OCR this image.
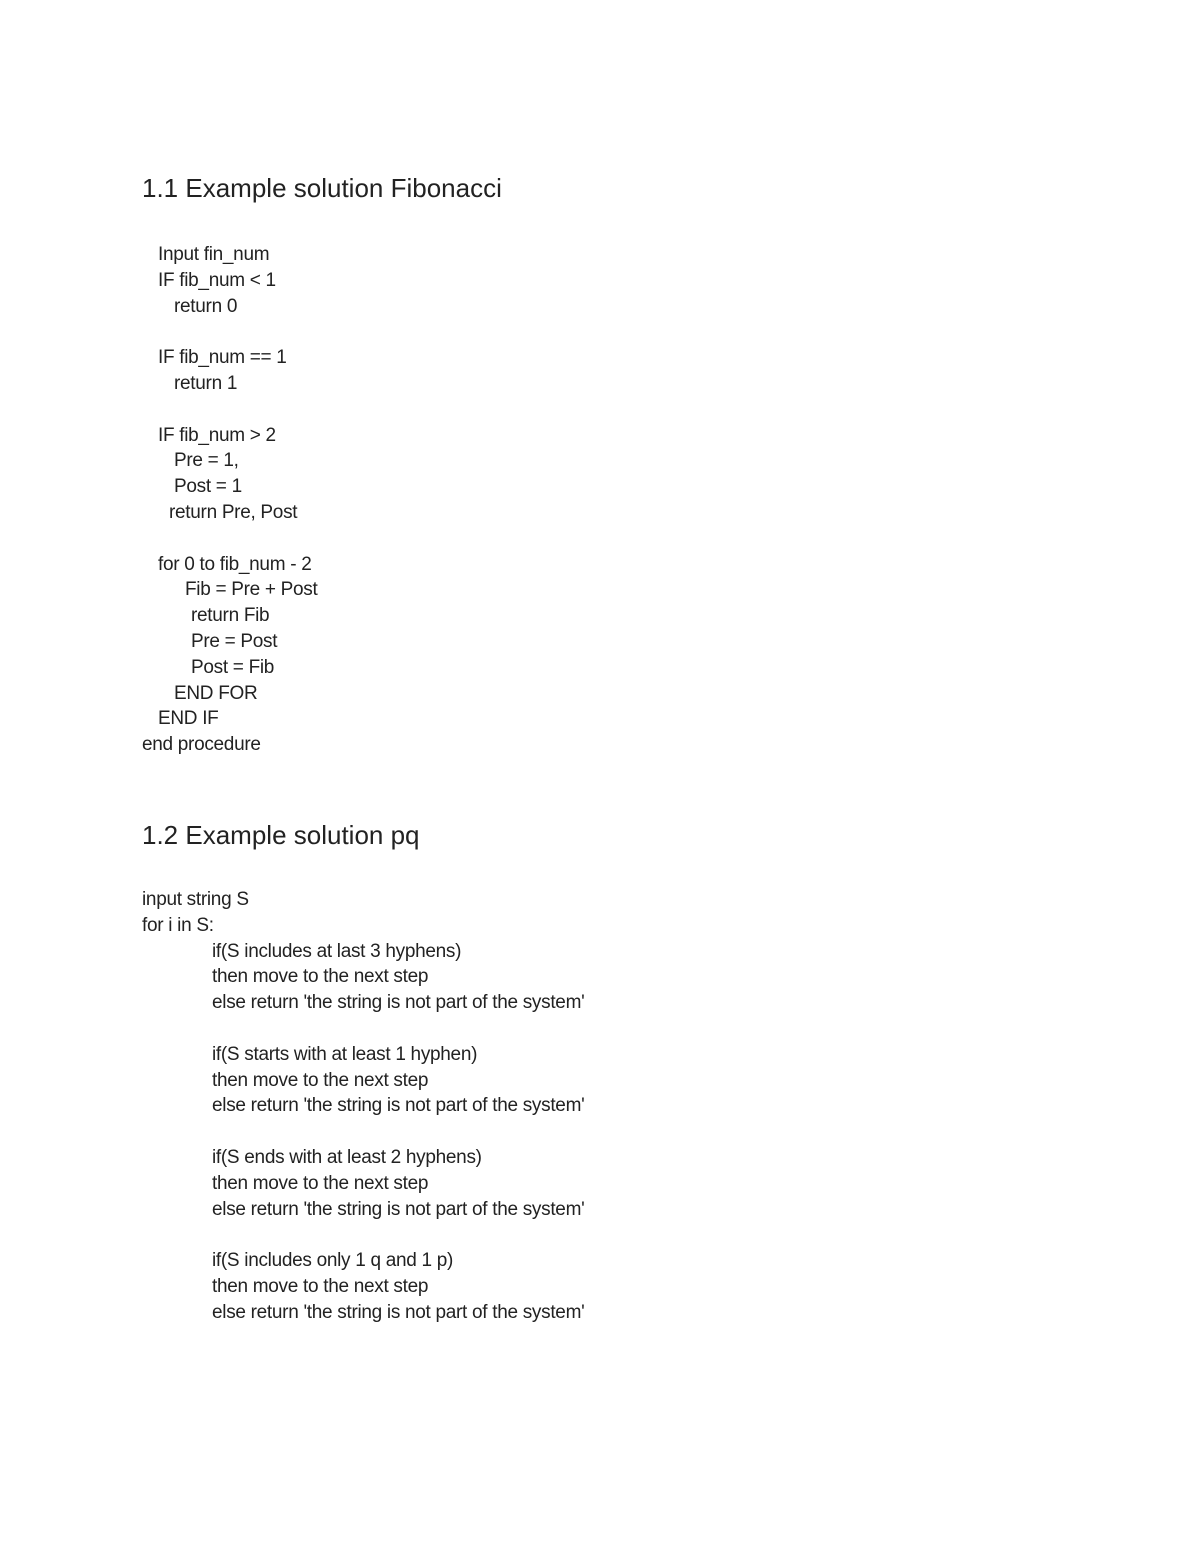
1.1 Example solution Fibonacci
Input fin_num
IF fib_num < 1
return 0
IF fib_num == 1
return 1
IF fib_num > 2
Pre = 1,
Post = 1
return Pre, Post
for 0 to fib_num - 2
Fib = Pre + Post
return Fib
Pre = Post
Post = Fib
END FOR
END IF
end procedure
1.2 Example solution pq
input string S
for i in S:
if(S includes at last 3 hyphens)
then move to the next step
else return 'the string is not part of the system'
if(S starts with at least 1 hyphen)
then move to the next step
else return 'the string is not part of the system'
if(S ends with at least 2 hyphens)
then move to the next step
else return 'the string is not part of the system'
if(S includes only 1 q and 1 p)
then move to the next step
else return 'the string is not part of the system'
